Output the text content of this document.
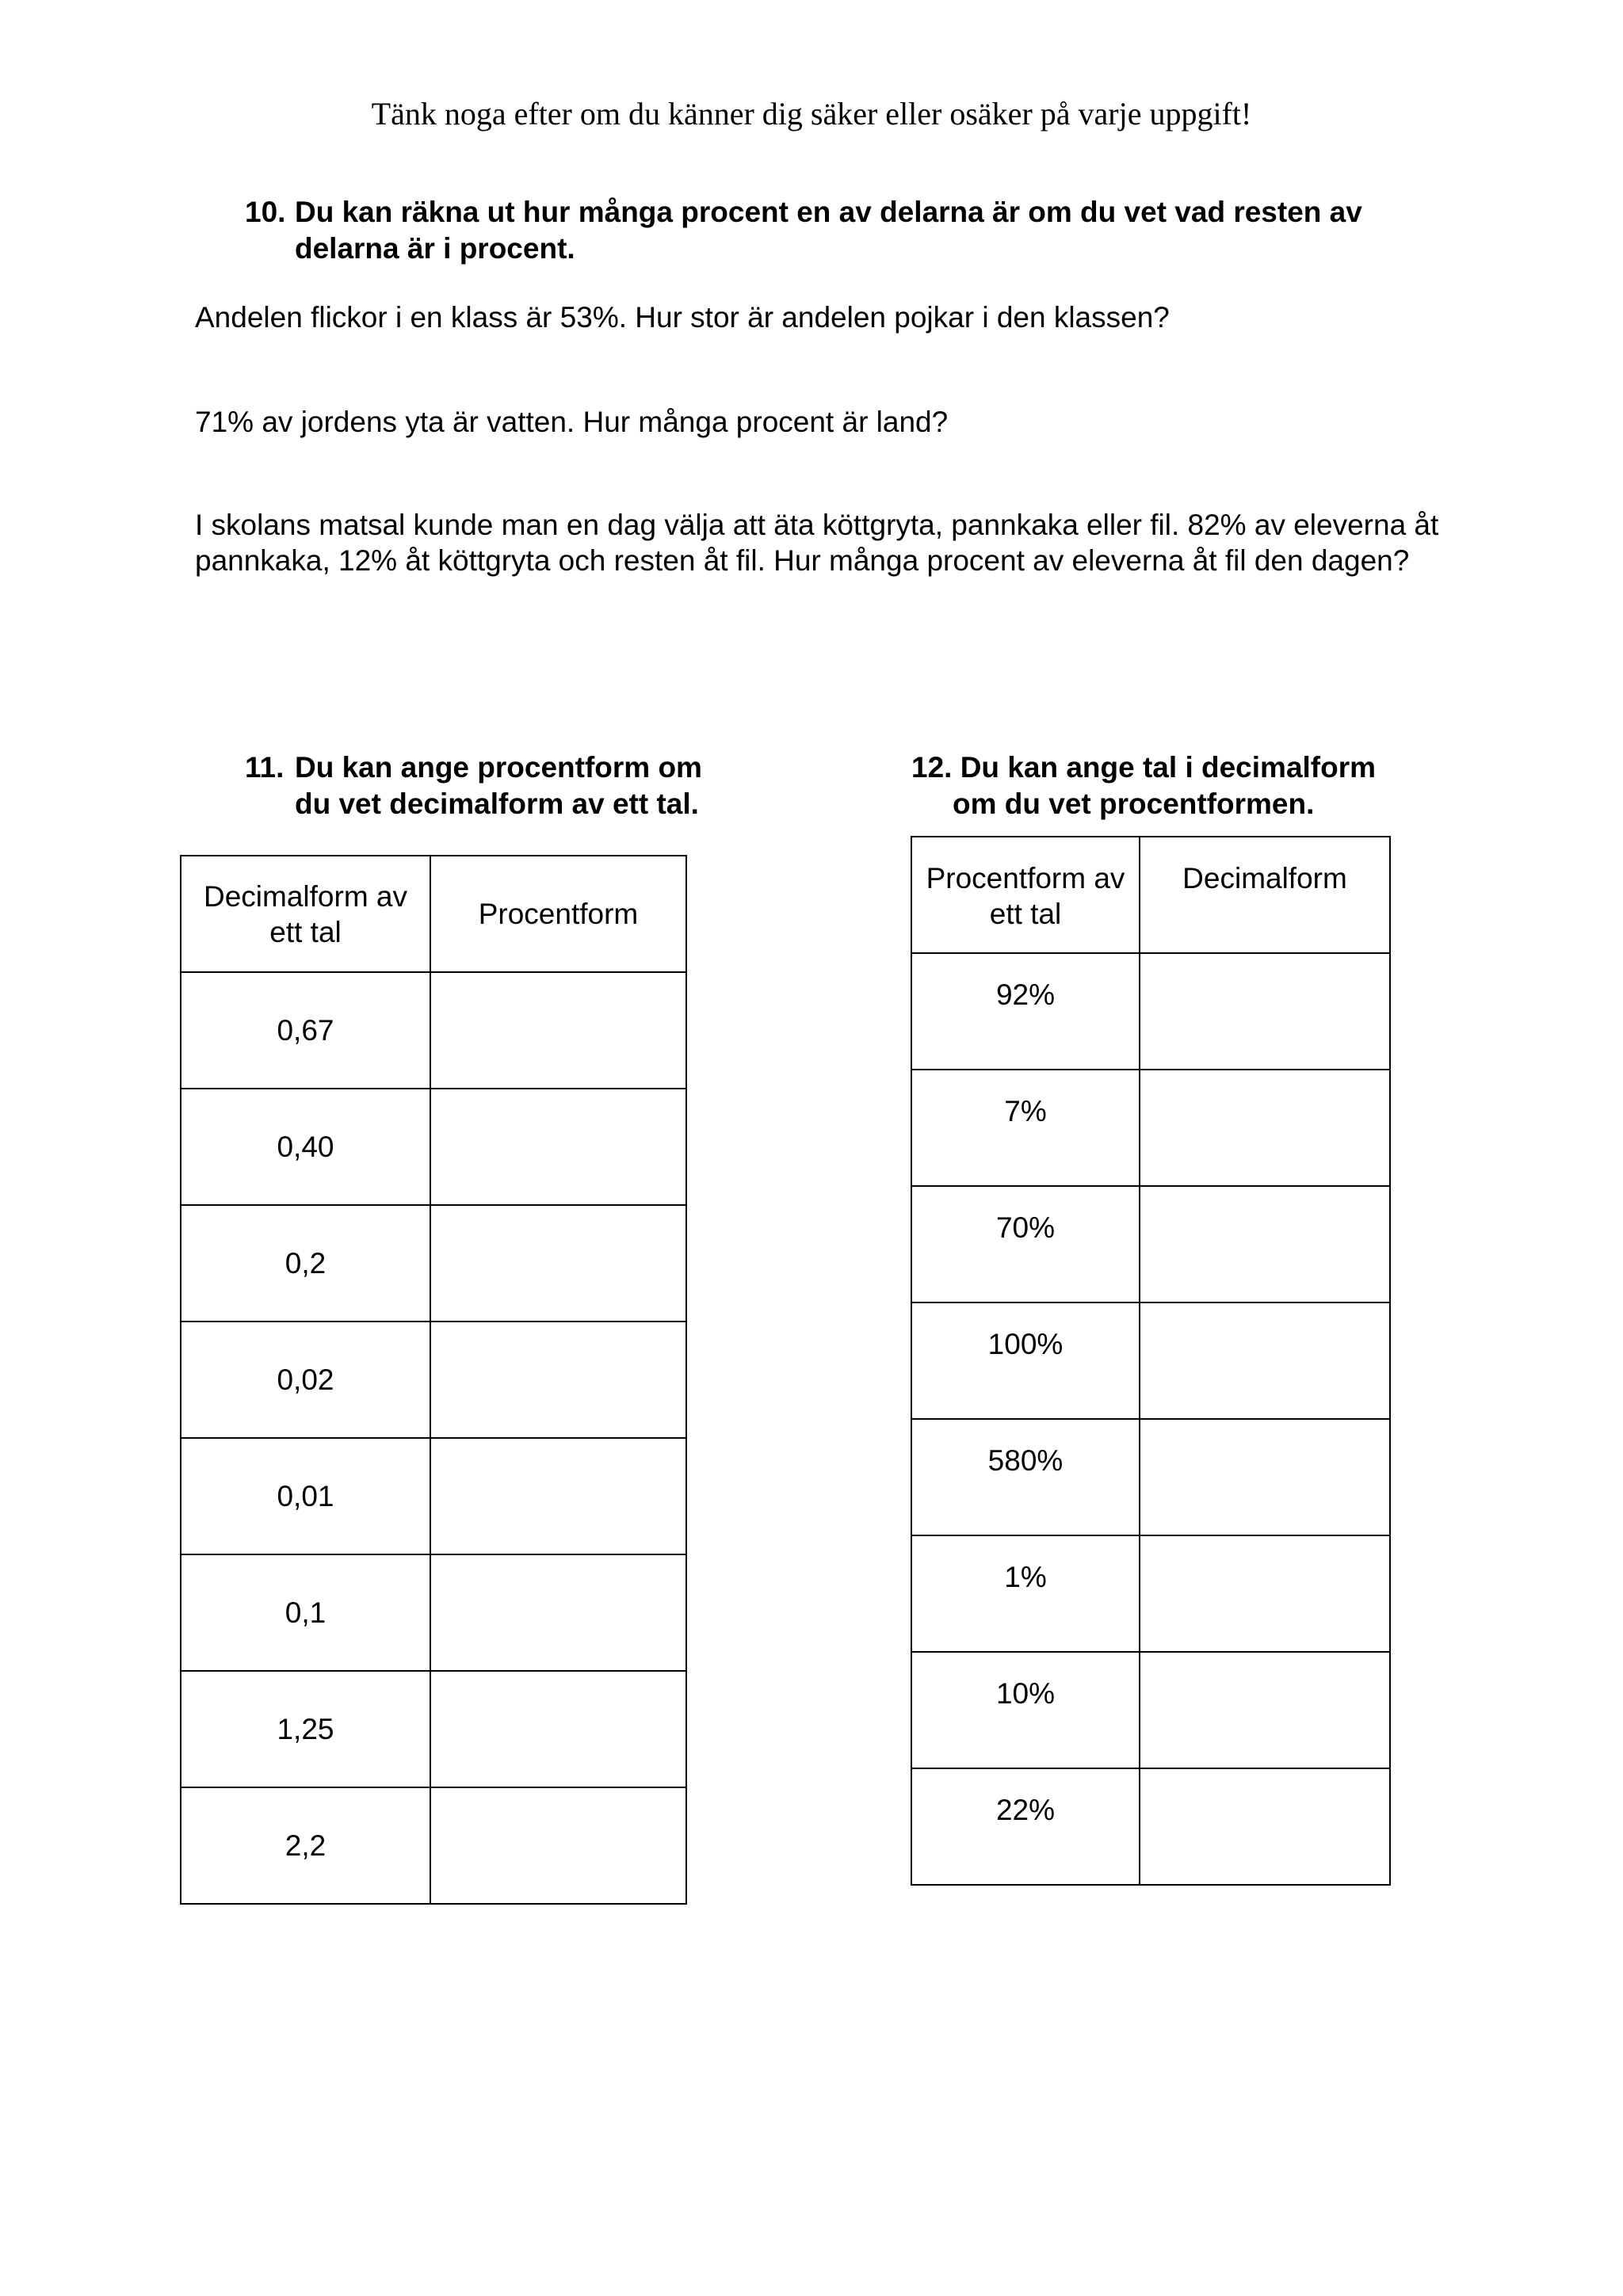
Tänk noga efter om du känner dig säker eller osäker på varje uppgift!

10. Du kan räkna ut hur många procent en av delarna är om du vet vad resten av
delarna är i procent.

Andelen flickor i en klass är 53%. Hur stor är andelen pojkar i den klassen?

71% av jordens yta är vatten. Hur många procent är land?

I skolans matsal kunde man en dag välja att äta köttgryta, pannkaka eller fil. 82% av eleverna åt pannkaka, 12% åt köttgryta och resten åt fil. Hur många procent av eleverna åt fil den dagen?

11. Du kan ange procentform om
du vet decimalform av ett tal.
12. Du kan ange tal i decimalform
om du vet procentformen.
Decimalform av ett tal	Procentform
0,67	
0,40	
0,2	
0,02	
0,01	
0,1	
1,25	
2,2	
Procentform av ett tal	Decimalform
92%	
7%	
70%	
100%	
580%	
1%	
10%	
22%	
